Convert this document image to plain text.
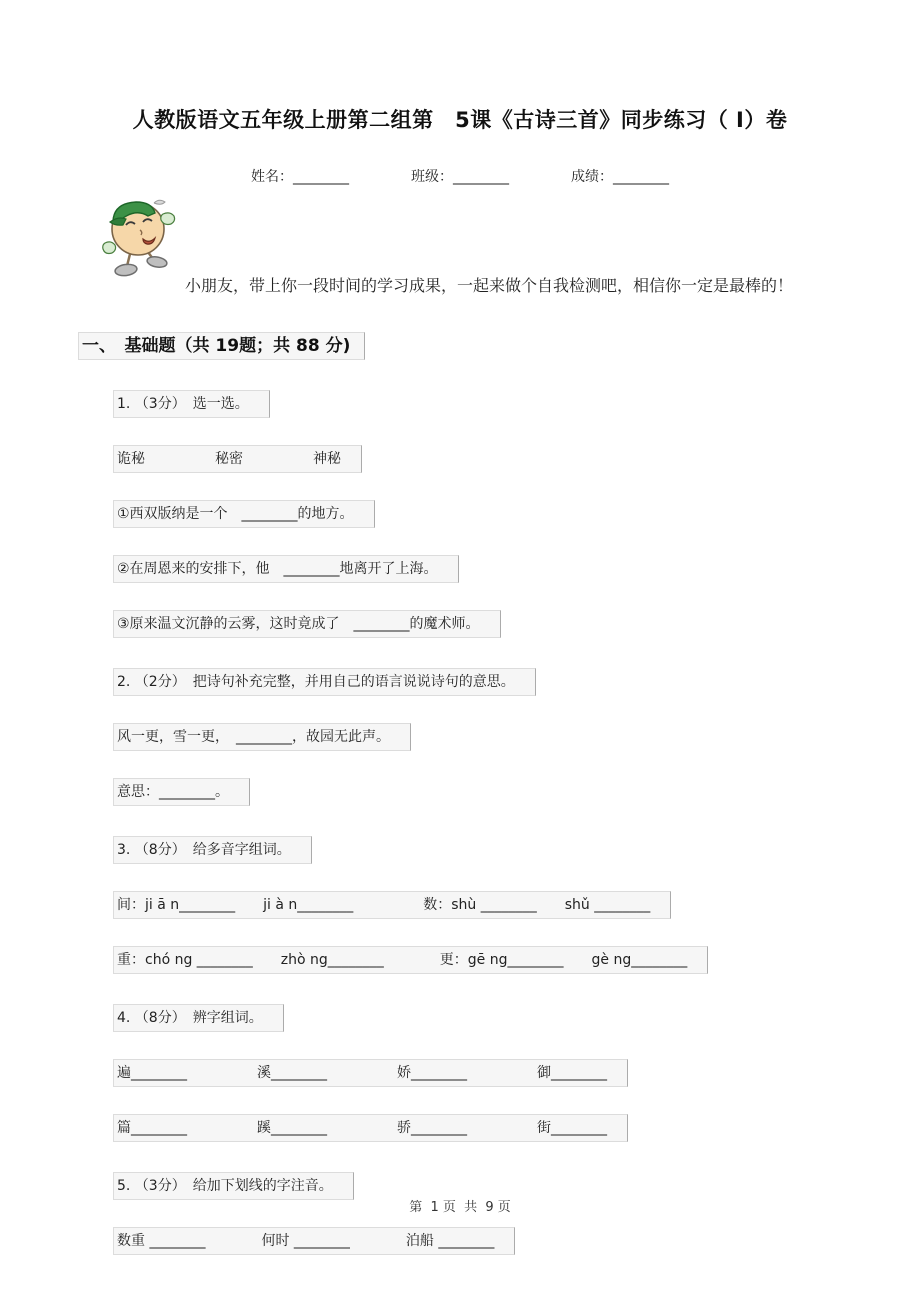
人教版语文五年级上册第二组第　5课《古诗三首》同步练习（ Ⅰ）卷
姓名：________	班级：________	成绩：________

小朋友，带上你一段时间的学习成果，一起来做个自我检测吧，相信你一定是最棒的！

一、　基础题（共 19题；共 88 分)
1. （3分）　选一选。
诡秘　　　　　秘密　　　　　神秘
①西双版纳是一个　________的地方。
②在周恩来的安排下，他　________地离开了上海。
③原来温文沉静的云雾，这时竟成了　________的魔术师。
2. （2分）　把诗句补充完整，并用自己的语言说说诗句的意思。
风一更，雪一更，　________，故园无此声。
意思：________。
3. （8分）　给多音字组词。
间：ji ā n________　　ji à n________　　　　　数：shù ________　　shǔ ________
重：chó ng ________　　zhò ng________　　　　更：gē ng________　　gè ng________
4. （8分）　辨字组词。
遍________　　　　　溪________　　　　　娇________　　　　　御________
篇________　　　　　蹊________　　　　　骄________　　　　　街________
5. （3分）　给加下划线的字注音。
数重 ________　　　　何时 ________　　　　泊船 ________
第  1 页  共  9 页
